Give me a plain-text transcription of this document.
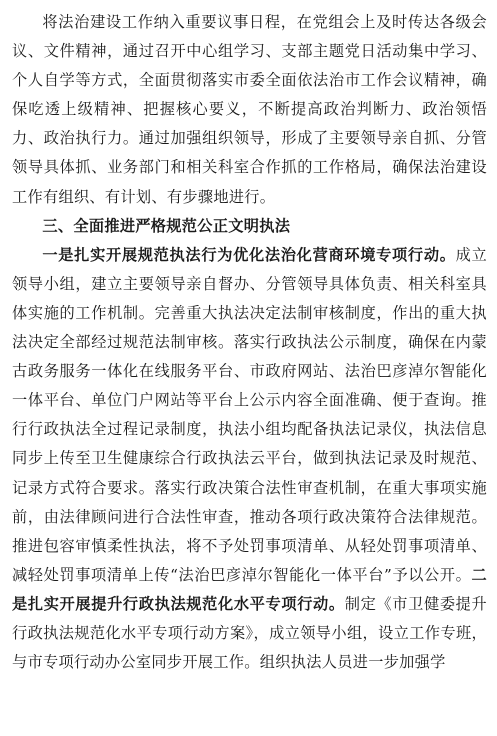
将法治建设工作纳入重要议事日程，在党组会上及时传达各级会议、文件精神，通过召开中心组学习、支部主题党日活动集中学习、个人自学等方式，全面贯彻落实市委全面依法治市工作会议精神，确保吃透上级精神、把握核心要义，不断提高政治判断力、政治领悟力、政治执行力。通过加强组织领导，形成了主要领导亲自抓、分管领导具体抓、业务部门和相关科室合作抓的工作格局，确保法治建设工作有组织、有计划、有步骤地进行。

三、全面推进严格规范公正文明执法

一是扎实开展规范执法行为优化法治化营商环境专项行动。成立领导小组，建立主要领导亲自督办、分管领导具体负责、相关科室具体实施的工作机制。完善重大执法决定法制审核制度，作出的重大执法决定全部经过规范法制审核。落实行政执法公示制度，确保在内蒙古政务服务一体化在线服务平台、市政府网站、法治巴彦淖尔智能化一体平台、单位门户网站等平台上公示内容全面准确、便于查询。推行行政执法全过程记录制度，执法小组均配备执法记录仪，执法信息同步上传至卫生健康综合行政执法云平台，做到执法记录及时规范、记录方式符合要求。落实行政决策合法性审查机制，在重大事项实施前，由法律顾问进行合法性审查，推动各项行政决策符合法律规范。推进包容审慎柔性执法，将不予处罚事项清单、从轻处罚事项清单、减轻处罚事项清单上传“法治巴彦淖尔智能化一体平台”予以公开。二是扎实开展提升行政执法规范化水平专项行动。制定《市卫健委提升行政执法规范化水平专项行动方案》，成立领导小组，设立工作专班，与市专项行动办公室同步开展工作。组织执法人员进一步加强学
